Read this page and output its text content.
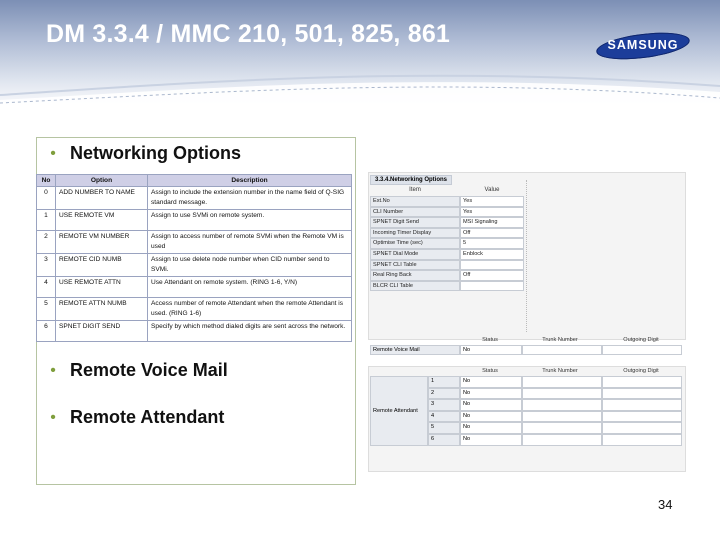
DM 3.3.4 / MMC 210, 501, 825, 861	SAMSUNG
• Networking Options
No	Option	Description
0	ADD NUMBER TO NAME	Assign to include the extension number in the name field of Q-SIG standard message.
1	USE REMOTE VM	Assign to use SVMi on remote system.
2	REMOTE VM NUMBER	Assign to access number of remote SVMi when the Remote VM is used
3	REMOTE CID NUMB	Assign to use delete node number when CID number send to SVMi.
4	USE REMOTE ATTN	Use Attendant on remote system. (RING 1-6, Y/N)
5	REMOTE ATTN NUMB	Access number of remote Attendant when the remote Attendant is used. (RING 1-6)
6	SPNET DIGIT SEND	Specify by which method dialed digits are sent across the network.
• Remote Voice Mail
• Remote Attendant
3.3.4.Networking Options
Item	Value
Ext.No	Yes
CLI Number	Yes
SPNET Digit Send	MSI Signaling
Incoming Timer Display	Off
Optimise Time (sec)	5
SPNET Dial Mode	Enblock
SPNET CLI Table
Real Ring Back	Off
BLCR CLI Table
Status	Trunk Number	Outgoing Digit
Remote Voice Mail	No
Status	Trunk Number	Outgoing Digit
Remote Attendant
1	No
2	No
3	No
4	No
5	No
6	No
34
